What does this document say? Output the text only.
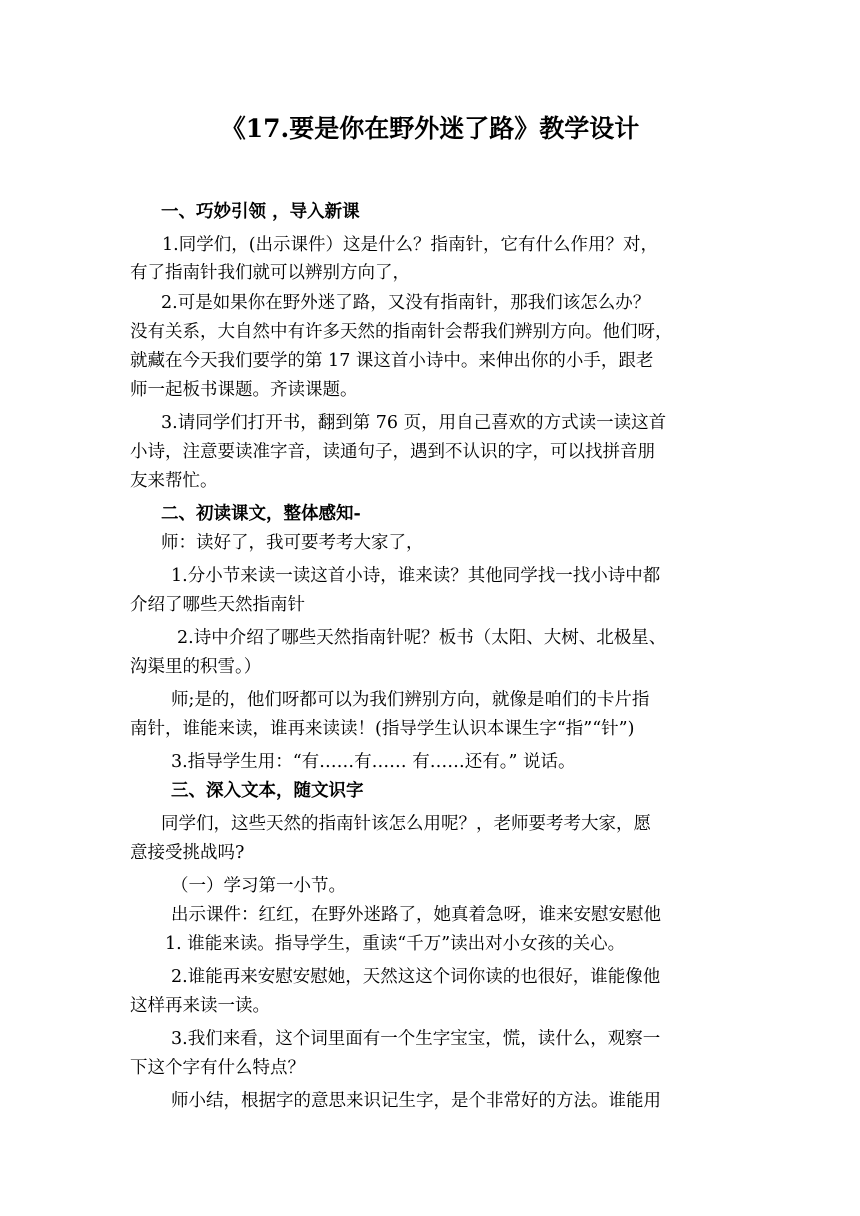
《17.要是你在野外迷了路》教学设计
一、巧妙引领 ，导入新课
1.同学们，(出示课件）这是什么？指南针，它有什么作用？对，
有了指南针我们就可以辨别方向了，
2.可是如果你在野外迷了路，又没有指南针，那我们该怎么办？
没有关系，大自然中有许多天然的指南针会帮我们辨别方向。他们呀，
就藏在今天我们要学的第 17 课这首小诗中。来伸出你的小手，跟老
师一起板书课题。齐读课题。
3.请同学们打开书，翻到第 76 页，用自己喜欢的方式读一读这首
小诗，注意要读准字音，读通句子，遇到不认识的字，可以找拼音朋
友来帮忙。
二、初读课文，整体感知-
师：读好了，我可要考考大家了，
1.分小节来读一读这首小诗，谁来读？其他同学找一找小诗中都
介绍了哪些天然指南针
2.诗中介绍了哪些天然指南针呢？板书（太阳、大树、北极星、
沟渠里的积雪。）
师;是的，他们呀都可以为我们辨别方向，就像是咱们的卡片指
南针，谁能来读，谁再来读读！(指导学生认识本课生字“指”“针”)
3.指导学生用：“有……有…… 有……还有。” 说话。
三、深入文本，随文识字
同学们，这些天然的指南针该怎么用呢？，老师要考考大家，愿
意接受挑战吗?
（一）学习第一小节。
出示课件：红红，在野外迷路了，她真着急呀，谁来安慰安慰他
1. 谁能来读。指导学生，重读“千万”读出对小女孩的关心。
2.谁能再来安慰安慰她，天然这这个词你读的也很好，谁能像他
这样再来读一读。
3.我们来看，这个词里面有一个生字宝宝，慌，读什么，观察一
下这个字有什么特点？
师小结，根据字的意思来识记生字，是个非常好的方法。谁能用
